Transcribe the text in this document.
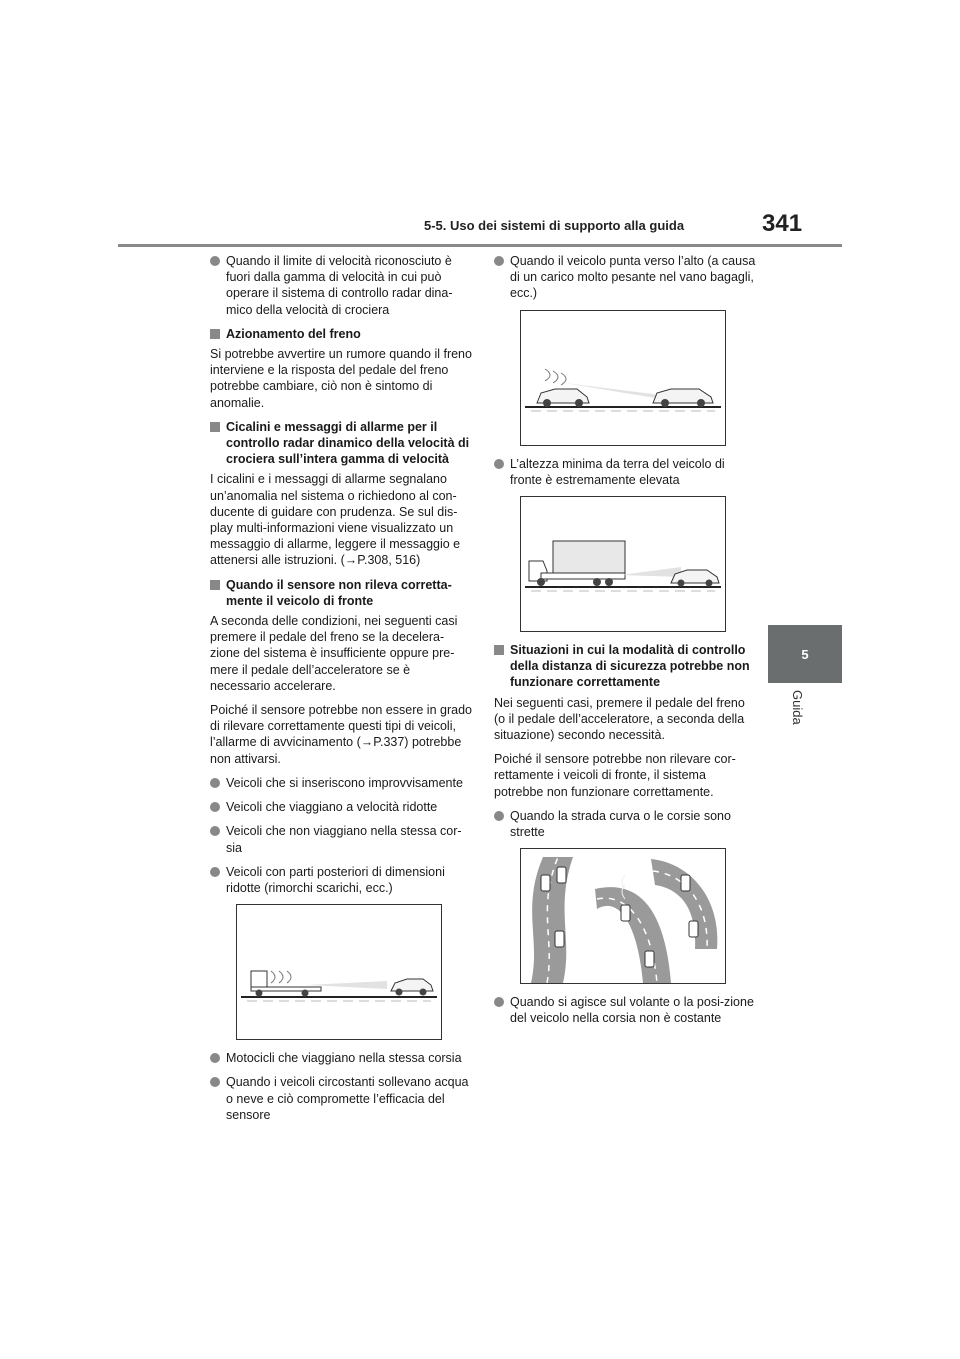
5-5. Uso dei sistemi di supporto alla guida	341
5
Guida
Quando il limite di velocità riconosciuto è fuori dalla gamma di velocità in cui può operare il sistema di controllo radar dina-mico della velocità di crociera
Azionamento del freno
Si potrebbe avvertire un rumore quando il freno interviene e la risposta del pedale del freno potrebbe cambiare, ciò non è sintomo di anomalie.
Cicalini e messaggi di allarme per il controllo radar dinamico della velocità di crociera sull’intera gamma di velocità
I cicalini e i messaggi di allarme segnalano un’anomalia nel sistema o richiedono al con-ducente di guidare con prudenza. Se sul dis-play multi-informazioni viene visualizzato un messaggio di allarme, leggere il messaggio e attenersi alle istruzioni. (→P.308, 516)
Quando il sensore non rileva corretta-mente il veicolo di fronte
A seconda delle condizioni, nei seguenti casi premere il pedale del freno se la decelera-zione del sistema è insufficiente oppure pre-mere il pedale dell’acceleratore se è necessario accelerare.
Poiché il sensore potrebbe non essere in grado di rilevare correttamente questi tipi di veicoli, l’allarme di avvicinamento (→P.337) potrebbe non attivarsi.
Veicoli che si inseriscono improvvisamente
Veicoli che viaggiano a velocità ridotte
Veicoli che non viaggiano nella stessa cor-sia
Veicoli con parti posteriori di dimensioni ridotte (rimorchi scarichi, ecc.)
Motocicli che viaggiano nella stessa corsia
Quando i veicoli circostanti sollevano acqua o neve e ciò compromette l’efficacia del sensore
Quando il veicolo punta verso l’alto (a causa di un carico molto pesante nel vano bagagli, ecc.)
L’altezza minima da terra del veicolo di fronte è estremamente elevata
Situazioni in cui la modalità di controllo della distanza di sicurezza potrebbe non funzionare correttamente
Nei seguenti casi, premere il pedale del freno (o il pedale dell’acceleratore, a seconda della situazione) secondo necessità.
Poiché il sensore potrebbe non rilevare cor-rettamente i veicoli di fronte, il sistema potrebbe non funzionare correttamente.
Quando la strada curva o le corsie sono strette
Quando si agisce sul volante o la posi-zione del veicolo nella corsia non è costante
carmanualsonline.info
